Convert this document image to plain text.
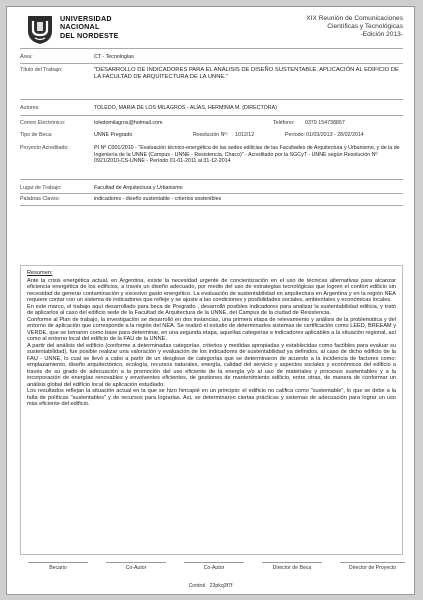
UNIVERSIDAD
NACIONAL
DEL NORDESTE
XIX Reunión de Comunicaciones
Científicas y Tecnológicas
-Edición 2013-
Área:	CT - Tecnologías
Título del Trabajo:	"DESARROLLO DE INDICADORES PARA EL ANÁLISIS DE DISEÑO SUSTENTABLE. APLICACIÓN AL EDIFICIO DE LA FACULTAD DE ARQUITECTURA DE LA UNNE."
Autores:	TOLEDO, MARIA DE LOS MILAGROS - ALÍAS, HERMINIA M. (DIRECTORA)
Correo Electrónico:	toledomilagros@hotmail.com	Teléfono: 0379 154738867
Tipo de Beca:	UNNE Pregrado	Resolución Nº: 1012/12	Período: 01/03/2013 - 28/02/2014
Proyecto Acreditado:	PI Nº C001/2010 - "Evaluación técnico-energética de las sedes edilicias de las Facultades de Arquitectura y Urbanismo, y de la de Ingeniería de la UNNE (Campus - UNNE - Resistencia, Chaco)" - Acreditado por la SGCyT - UNNE según Resolución Nº 0921/2010-CS-UNNE - Período 01-01-2011 al 31-12-2014
Lugar de Trabajo:	Facultad de Arquitectura y Urbanismo
Palabras Claves:	indicadores - diseño sustentable - criterios sostenibles
Resumen:

Ante la crisis energética actual, en Argentina, existe la necesidad urgente de concientización en el uso de técnicas alternativas para alcanzar eficiencia energética de los edificios, a través un diseño adecuado, por medio del uso de estrategias tecnológicas que logren el confort edilicio sin necesidad de generar contaminación y excesivo gasto energético. La evaluación de sustentabilidad en arquitectura en Argentina y en la región NEA requiere contar con un sistema de indicadores que refleje y se ajuste a las condiciones y posibilidades sociales, ambientales y económicas locales.

En este marco, el trabajo aquí desarrollado para beca de Pregrado , desarrolló posibles indicadores para analizar la sustentabilidad edilicia, y trató de aplicarlos al caso del edificio sede de la Facultad de Arquitectura de la UNNE, del Campus de la ciudad de Resistencia.

Conforme al Plan de trabajo, la investigación se desarrolló en dos instancias, una primera etapa de relevamiento y análisis de la problemática y del entorno de aplicación que corresponde a la región del NEA. Se realizó el estudio de determinados sistemas de certificación como LEED, BREEAM y VERDE, que se tomaron como base para determinar, en una segunda etapa, aquellas categorías e indicadores aplicables a la situación regional, así como al entorno local del edificio de la FAU de la UNNE.

A partir del análisis del edificio (conforme a determinadas categorías, criterios y medidas apropiadas y establecidas como factibles para evaluar su sustentabilidad), fue posible realizar una valoración y evaluación de los indicadores de sustentabilidad ya definidos, al caso de dicho edificio de la FAU - UNNE, lo cual se llevó a cabo a partir de un desglose de categorías que se determinaron de acuerdo a la incidencia de factores como: emplazamiento, diseño arquitectónico, ecología, recursos naturales, energía, calidad del servicio y aspectos sociales y económicos del edificio a través de su grado de adecuación a la promoción del uso eficiente de la energía y/o al uso de materiales y procesos sustentables y a la incorporación de energías renovables y envolventes eficientes, de gestiones de mantenimiento edilicio, entre otras, de manera de conformar un análisis global del edificio local de aplicación estudiado.

Los resultados reflejan la situación actual en la que se hizo hincapié en un principio: el edificio no califica como "sustentable", lo que se debe a la falta de políticas "sustentables" y de recursos para lograrlas. Así, se determinaron ciertas prácticas y sistemas de adecuación para lograr un uso más eficiente del edificio.

Becario	Co-Autor	Co-Autor	Director de Beca	Director de Proyecto
Control 23pkq3f7f
